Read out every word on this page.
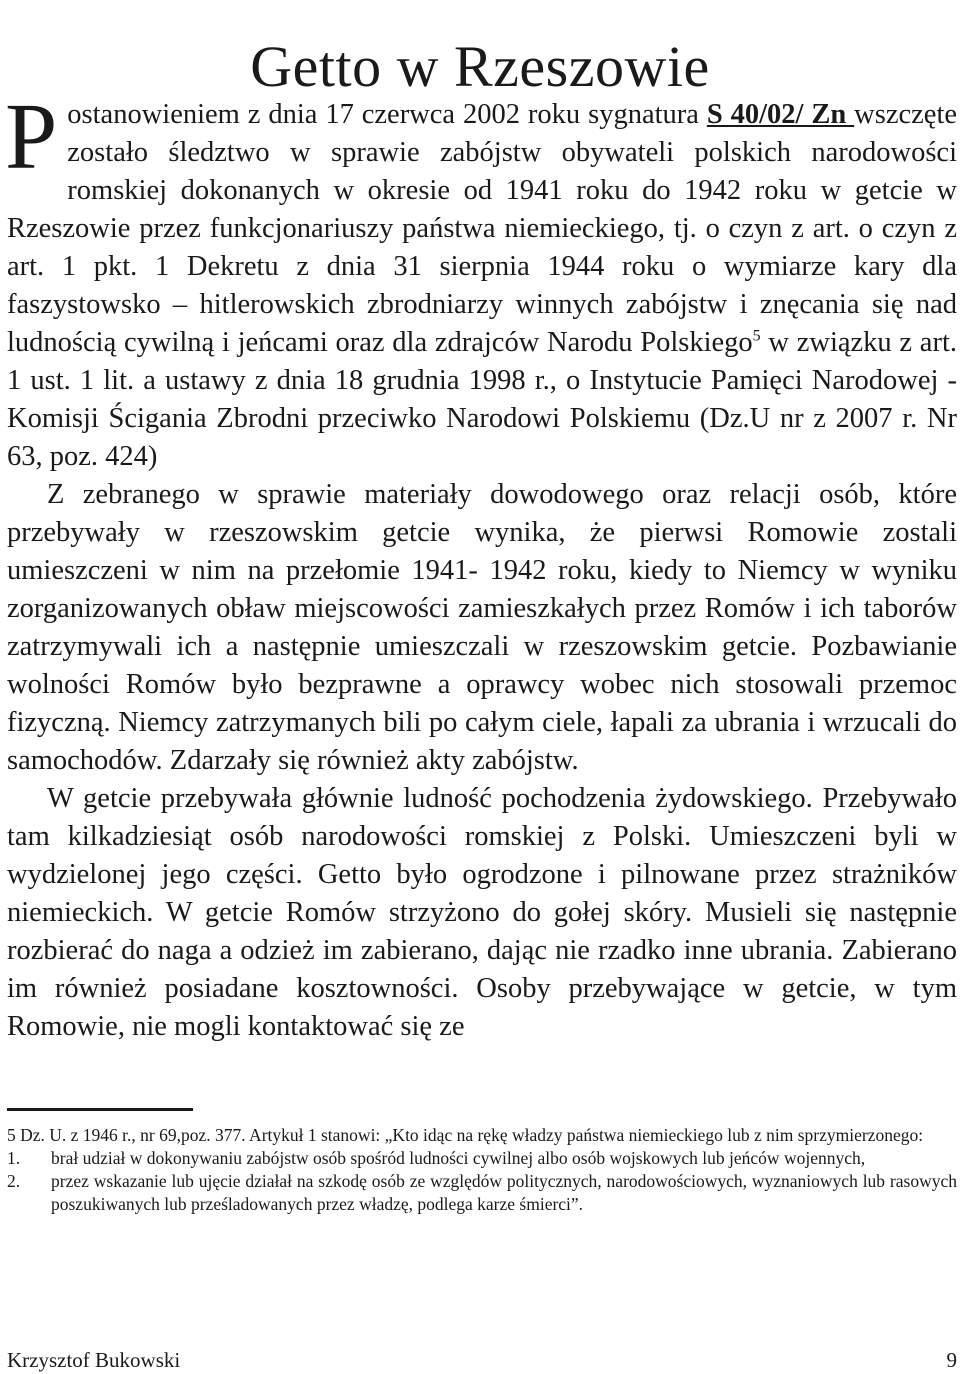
Getto w Rzeszowie

Postanowieniem z dnia 17 czerwca 2002 roku sygnatura S 40/02/ Zn wszczęte zostało śledztwo w sprawie zabójstw obywateli polskich narodowości romskiej dokonanych w okresie od 1941 roku do 1942 roku w getcie w Rzeszowie przez funkcjonariuszy państwa niemieckiego, tj. o czyn z art. o czyn z art. 1 pkt. 1 Dekretu z dnia 31 sierpnia 1944 roku o wymiarze kary dla faszystowsko – hitlerowskich zbrodniarzy winnych zabójstw i znęcania się nad ludnością cywilną i jeńcami oraz dla zdrajców Narodu Polskiego$^5$ w związku z art. 1 ust. 1 lit. a ustawy z dnia 18 grudnia 1998 r., o Instytucie Pamięci Narodowej - Komisji Ścigania Zbrodni przeciwko Narodowi Polskiemu (Dz.U nr z 2007 r. Nr 63, poz. 424)

Z zebranego w sprawie materiały dowodowego oraz relacji osób, które przebywały w rzeszowskim getcie wynika, że pierwsi Romowie zostali umieszczeni w nim na przełomie 1941- 1942 roku, kiedy to Niemcy w wyniku zorganizowanych obław miejscowości zamieszkałych przez Romów i ich taborów zatrzymywali ich a następnie umieszczali w rzeszowskim getcie. Pozbawianie wolności Romów było bezprawne a oprawcy wobec nich stosowali przemoc fizyczną. Niemcy zatrzymanych bili po całym ciele, łapali za ubrania i wrzucali do samochodów. Zdarzały się również akty zabójstw.

W getcie przebywała głównie ludność pochodzenia żydowskiego. Przebywało tam kilkadziesiąt osób narodowości romskiej z Polski. Umieszczeni byli w wydzielonej jego części. Getto było ogrodzone i pilnowane przez strażników niemieckich. W getcie Romów strzyżono do gołej skóry. Musieli się następnie rozbierać do naga a odzież im zabierano, dając nie rzadko inne ubrania. Zabierano im również posiadane kosztowności. Osoby przebywające w getcie, w tym Romowie, nie mogli kontaktować się ze

5 Dz. U. z 1946 r., nr 69,poz. 377. Artykuł 1 stanowi: „Kto idąc na rękę władzy państwa niemieckiego lub z nim sprzymierzonego:

1. brał udział w dokonywaniu zabójstw osób spośród ludności cywilnej albo osób wojskowych lub jeńców wojennych,
2. przez wskazanie lub ujęcie działał na szkodę osób ze względów politycznych, narodowościowych, wyznaniowych lub rasowych poszukiwanych lub prześladowanych przez władzę, podlega karze śmierci”.
Krzysztof Bukowski	9
